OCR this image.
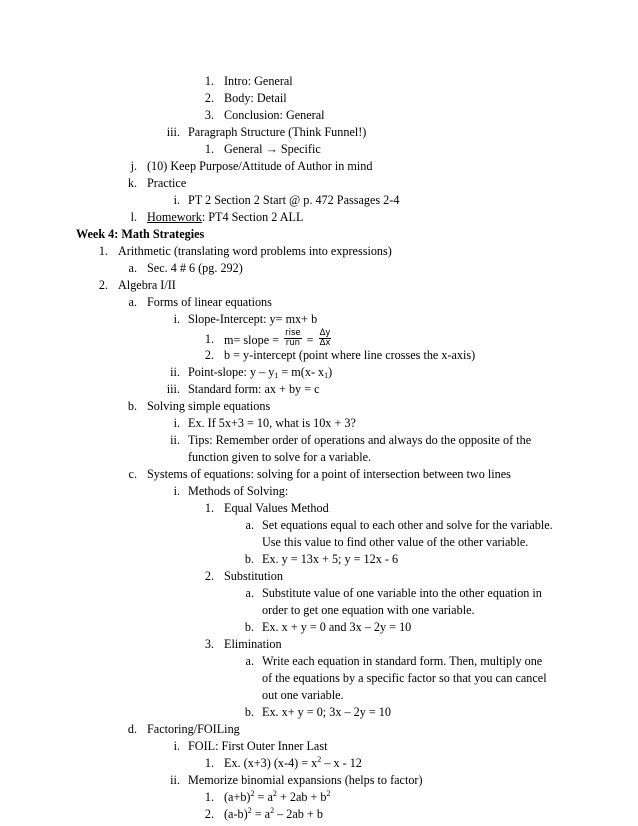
1. Intro: General
2. Body: Detail
3. Conclusion: General
iii. Paragraph Structure (Think Funnel!)
1. General → Specific
j. (10) Keep Purpose/Attitude of Author in mind
k. Practice
i. PT 2 Section 2 Start @ p. 472 Passages 2-4
l. Homework: PT4 Section 2 ALL
Week 4: Math Strategies
1. Arithmetic (translating word problems into expressions)
a. Sec. 4 # 6 (pg. 292)
2. Algebra I/II
a. Forms of linear equations
i. Slope-Intercept: y= mx+ b
1. m= slope = $\frac{\text{rise}}{\text{run}} = \frac{\Delta y}{\Delta x}$
2. b = y-intercept (point where line crosses the x-axis)
ii. Point-slope: $y - y_1 = m(x-$ $x_1$)
iii. Standard form: ax + by = c
b. Solving simple equations
i. Ex. If 5x+3 = 10, what is 10x + 3?
ii. Tips: Remember order of operations and always do the opposite of the
function given to solve for a variable.
c. Systems of equations: solving for a point of intersection between two lines
i. Methods of Solving:
1. Equal Values Method
a. Set equations equal to each other and solve for the variable.
Use this value to find other value of the other variable.
b. Ex. y = 13x + 5; y = 12x - 6
2. Substitution
a. Substitute value of one variable into the other equation in
order to get one equation with one variable.
b. Ex. x + y = 0 and 3x – 2y = 10
3. Elimination
a. Write each equation in standard form. Then, multiply one
of the equations by a specific factor so that you can cancel
out one variable.
b. Ex. x+ y = 0; 3x – 2y = 10
d. Factoring/FOILing
i. FOIL: First Outer Inner Last
1. Ex. (x+3) $(x-4) = x^2 - x - 12$
ii. Memorize binomial expansions (helps to factor)
1. $(a+b)^2 = a^2 + 2ab + b^2$
2. $(a-b)^2 = a^2 - 2ab + b$
